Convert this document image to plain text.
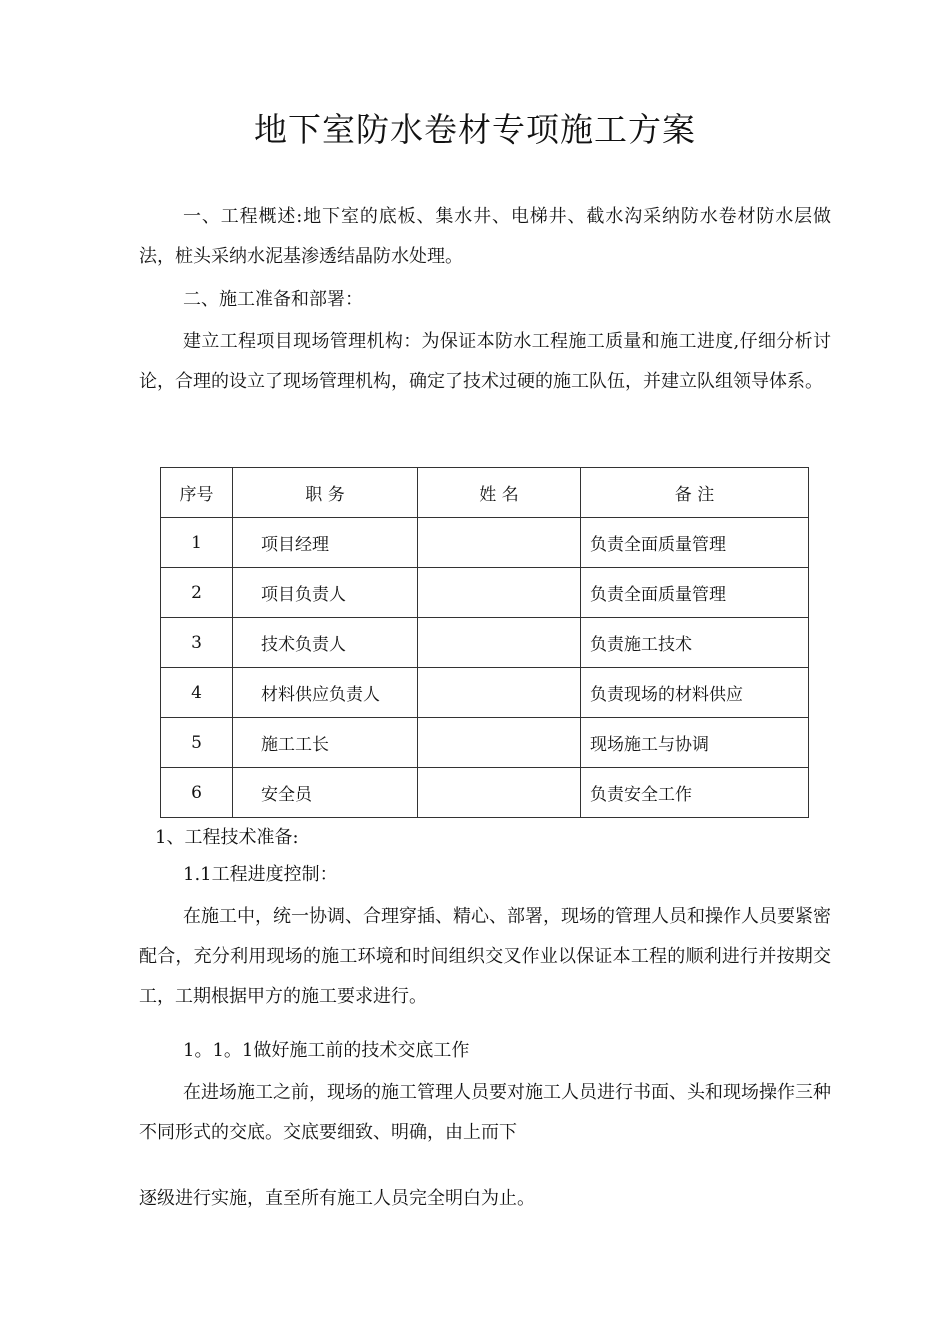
地下室防水卷材专项施工方案

一、工程概述:地下室的底板、集水井、电梯井、截水沟采纳防水卷材防水层做法，桩头采纳水泥基渗透结晶防水处理。

二、施工准备和部署：

建立工程项目现场管理机构：为保证本防水工程施工质量和施工进度,仔细分析讨论，合理的设立了现场管理机构，确定了技术过硬的施工队伍，并建立队组领导体系。

序号	职 务	姓 名	备 注
1	项目经理		负责全面质量管理
2	项目负责人		负责全面质量管理
3	技术负责人		负责施工技术
4	材料供应负责人		负责现场的材料供应
5	施工工长		现场施工与协调
6	安全员		负责安全工作
1、工程技术准备:
1.1工程进度控制：

在施工中，统一协调、合理穿插、精心、部署，现场的管理人员和操作人员要紧密配合，充分利用现场的施工环境和时间组织交叉作业以保证本工程的顺利进行并按期交工，工期根据甲方的施工要求进行。

1。1。1做好施工前的技术交底工作

在进场施工之前，现场的施工管理人员要对施工人员进行书面、头和现场操作三种不同形式的交底。交底要细致、明确，由上而下

逐级进行实施，直至所有施工人员完全明白为止。
